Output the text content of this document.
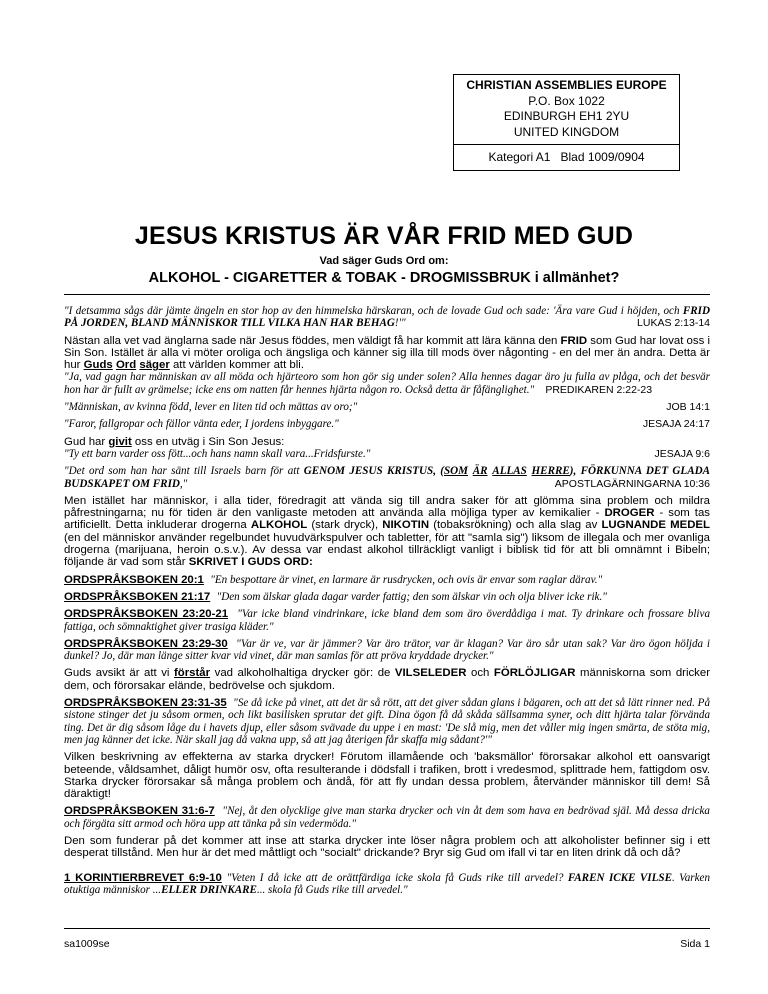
CHRISTIAN ASSEMBLIES EUROPE
P.O. Box 1022
EDINBURGH EH1 2YU
UNITED KINGDOM
Kategori A1   Blad 1009/0904
JESUS KRISTUS ÄR VÅR FRID MED GUD
Vad säger Guds Ord om:
ALKOHOL - CIGARETTER & TOBAK - DROGMISSBRUK i allmänhet?

"I detsamma sågs där jämte ängeln en stor hop av den himmelska härskaran, och de lovade Gud och sade: 'Ära vare Gud i höjden, och FRID PÅ JORDEN, BLAND MÄNNISKOR TILL VILKA HAN HAR BEHAG!'"	LUKAS 2:13-14

Nästan alla vet vad änglarna sade när Jesus föddes, men väldigt få har kommit att lära känna den FRID som Gud har lovat oss i Sin Son. Istället är alla vi möter oroliga och ängsliga och känner sig illa till mods över någonting - en del mer än andra. Detta är hur Guds Ord säger att världen kommer att bli.
"Ja, vad gagn har människan av all möda och hjärteoro som hon gör sig under solen? Alla hennes dagar äro ju fulla av plåga, och det besvär hon har är fullt av grämelse; icke ens om natten får hennes hjärta någon ro. Också detta är fåfänglighet." PREDIKAREN 2:22-23

JOB 14:1
"Människan, av kvinna född, lever en liten tid och mättas av oro;"

JESAJA 24:17
"Faror, fallgropar och fällor vänta eder, I jordens inbyggare."

Gud har givit oss en utväg i Sin Son Jesus:

JESAJA 9:6
"Ty ett barn varder oss fött...och hans namn skall vara...Fridsfurste."

"Det ord som han har sänt till Israels barn för att GENOM JESUS KRISTUS, (SOM ÄR ALLAS HERRE), FÖRKUNNA DET GLADA BUDSKAPET OM FRID,"	APOSTLAGÄRNINGARNA 10:36

Men istället har människor, i alla tider, föredragit att vända sig till andra saker för att glömma sina problem och mildra påfrestningarna; nu för tiden är den vanligaste metoden att använda alla möjliga typer av kemikalier - DROGER - som tas artificiellt. Detta inkluderar drogerna ALKOHOL (stark dryck), NIKOTIN (tobaksrökning) och alla slag av LUGNANDE MEDEL (en del människor använder regelbundet huvudvärkspulver och tabletter, för att "samla sig") liksom de illegala och mer ovanliga drogerna (marijuana, heroin o.s.v.). Av dessa var endast alkohol tillräckligt vanligt i biblisk tid för att bli omnämnt i Bibeln; följande är vad som står SKRIVET I GUDS ORD:

ORDSPRÅKSBOKEN 20:1 "En bespottare är vinet, en larmare är rusdrycken, och ovis är envar som raglar därav."

ORDSPRÅKSBOKEN 21:17 "Den som älskar glada dagar varder fattig; den som älskar vin och olja bliver icke rik."

ORDSPRÅKSBOKEN 23:20-21 "Var icke bland vindrinkare, icke bland dem som äro överdådiga i mat. Ty drinkare och frossare bliva fattiga, och sömnaktighet giver trasiga kläder."

ORDSPRÅKSBOKEN 23:29-30 "Var är ve, var är jämmer? Var äro trätor, var är klagan? Var äro sår utan sak? Var äro ögon höljda i dunkel? Jo, där man länge sitter kvar vid vinet, där man samlas för att pröva kryddade drycker."

Guds avsikt är att vi förstår vad alkoholhaltiga drycker gör: de VILSELEDER och FÖRLÖJLIGAR människorna som dricker dem, och förorsakar elände, bedrövelse och sjukdom.

ORDSPRÅKSBOKEN 23:31-35 "Se då icke på vinet, att det är så rött, att det giver sådan glans i bägaren, och att det så lätt rinner ned. På sistone stinger det ju såsom ormen, och likt basilisken sprutar det gift. Dina ögon få då skåda sällsamma syner, och ditt hjärta talar förvända ting. Det är dig såsom låge du i havets djup, eller såsom svävade du uppe i en mast: 'De slå mig, men det våller mig ingen smärta, de stöta mig, men jag känner det icke. När skall jag då vakna upp, så att jag återigen får skaffa mig sådant?'"

Vilken beskrivning av effekterna av starka drycker! Förutom illamående och 'baksmällor' förorsakar alkohol ett oansvarigt beteende, våldsamhet, dåligt humör osv, ofta resulterande i dödsfall i trafiken, brott i vredesmod, splittrade hem, fattigdom osv. Starka drycker förorsakar så många problem och ändå, för att fly undan dessa problem, återvänder människor till dem! Så däraktigt!

ORDSPRÅKSBOKEN 31:6-7 "Nej, åt den olycklige give man starka drycker och vin åt dem som hava en bedrövad själ. Må dessa dricka och förgäta sitt armod och höra upp att tänka på sin vedermöda."

Den som funderar på det kommer att inse att starka drycker inte löser några problem och att alkoholister befinner sig i ett desperat tillstånd. Men hur är det med måttligt och "socialt" drickande? Bryr sig Gud om ifall vi tar en liten drink då och då?

1 KORINTIERBREVET 6:9-10 "Veten I då icke att de orättfärdiga icke skola få Guds rike till arvedel? FAREN ICKE VILSE. Varken otuktiga människor ...ELLER DRINKARE... skola få Guds rike till arvedel."

sa1009se	Sida 1
